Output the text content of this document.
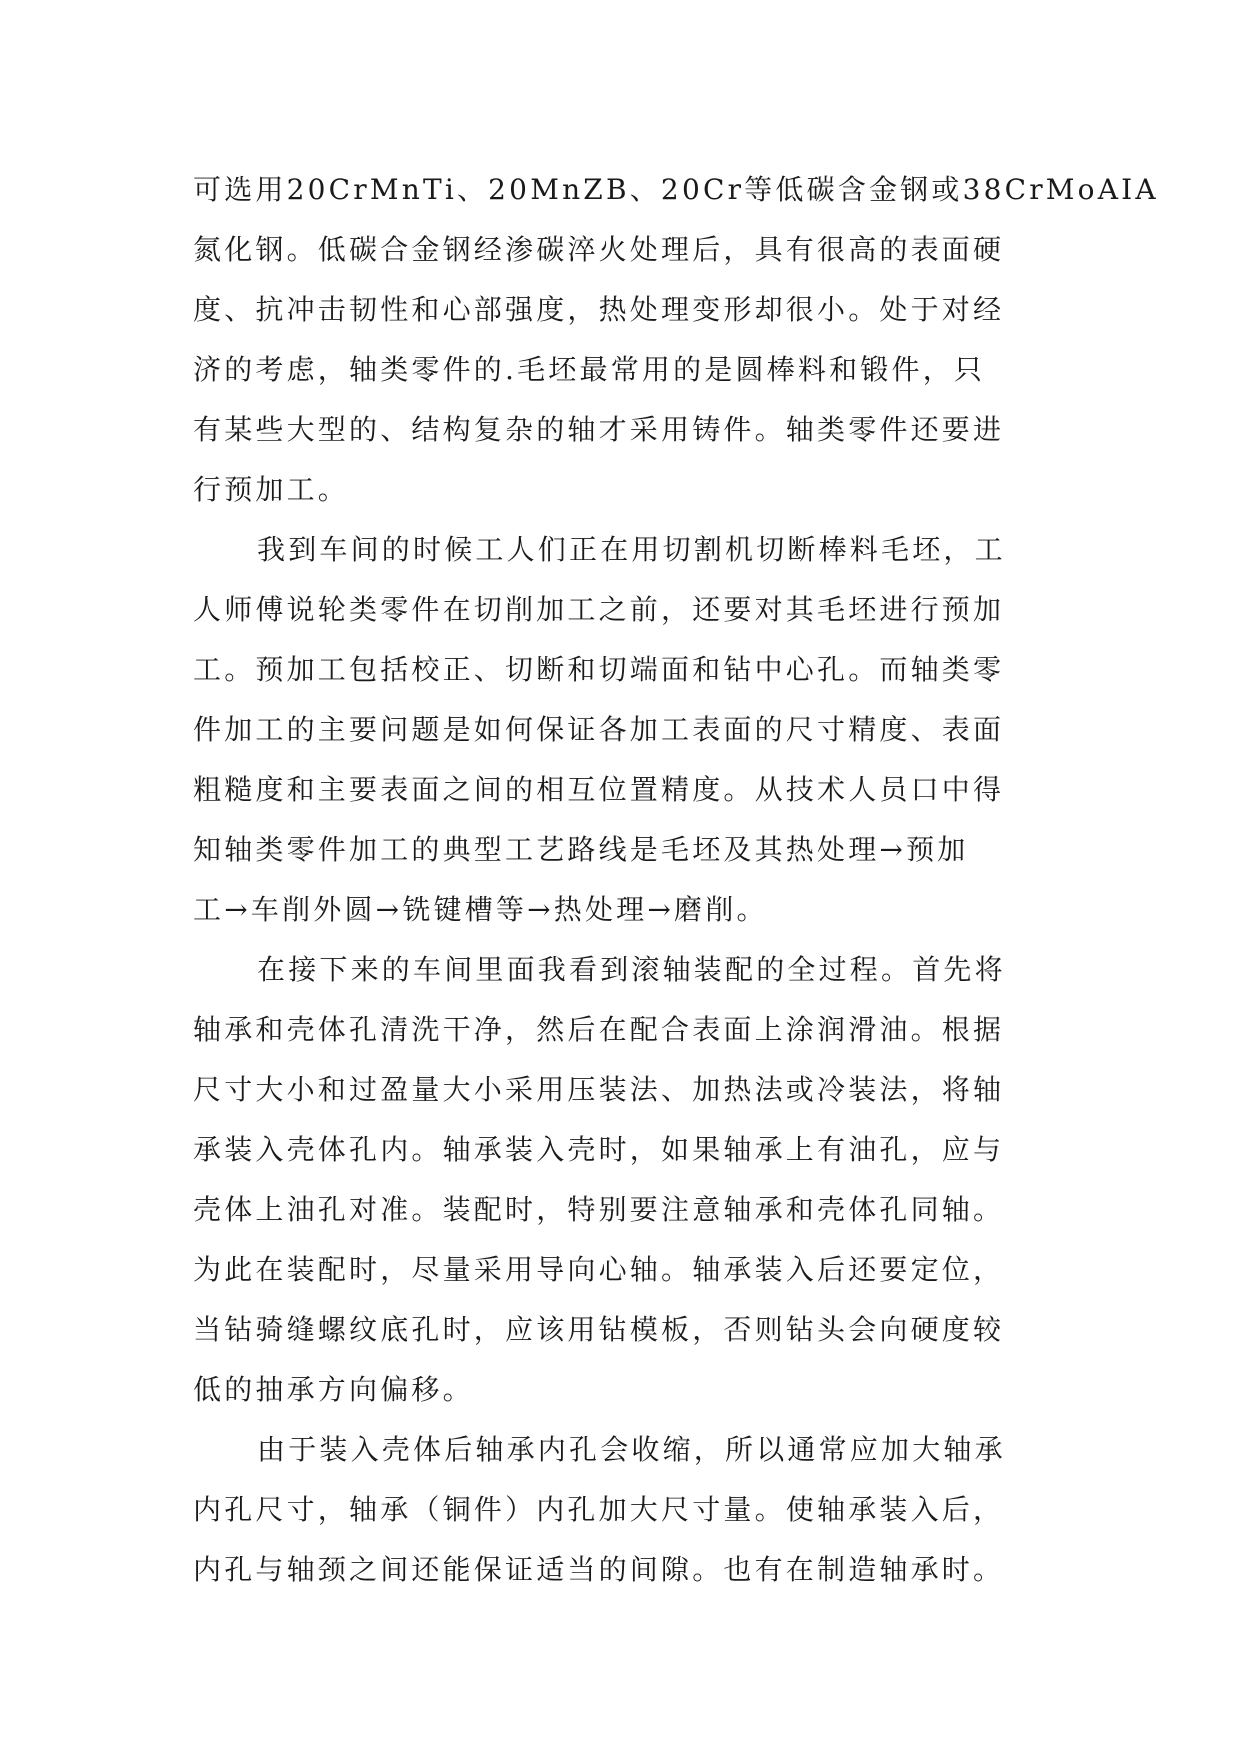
可选用20CrMnTi、20MnZB、20Cr等低碳含金钢或38CrMoAIA
氮化钢。低碳合金钢经渗碳淬火处理后，具有很高的表面硬
度、抗冲击韧性和心部强度，热处理变形却很小。处于对经
济的考虑，轴类零件的.毛坯最常用的是圆棒料和锻件，只
有某些大型的、结构复杂的轴才采用铸件。轴类零件还要进
行预加工。
我到车间的时候工人们正在用切割机切断棒料毛坯，工
人师傅说轮类零件在切削加工之前，还要对其毛坯进行预加
工。预加工包括校正、切断和切端面和钻中心孔。而轴类零
件加工的主要问题是如何保证各加工表面的尺寸精度、表面
粗糙度和主要表面之间的相互位置精度。从技术人员口中得
知轴类零件加工的典型工艺路线是毛坯及其热处理→预加
工→车削外圆→铣键槽等→热处理→磨削。
在接下来的车间里面我看到滚轴装配的全过程。首先将
轴承和壳体孔清洗干净，然后在配合表面上涂润滑油。根据
尺寸大小和过盈量大小采用压装法、加热法或冷装法，将轴
承装入壳体孔内。轴承装入壳时，如果轴承上有油孔，应与
壳体上油孔对准。装配时，特别要注意轴承和壳体孔同轴。
为此在装配时，尽量采用导向心轴。轴承装入后还要定位，
当钻骑缝螺纹底孔时，应该用钻模板，否则钻头会向硬度较
低的抽承方向偏移。
由于装入壳体后轴承内孔会收缩，所以通常应加大轴承
内孔尺寸，轴承（铜件）内孔加大尺寸量。使轴承装入后，
内孔与轴颈之间还能保证适当的间隙。也有在制造轴承时。
